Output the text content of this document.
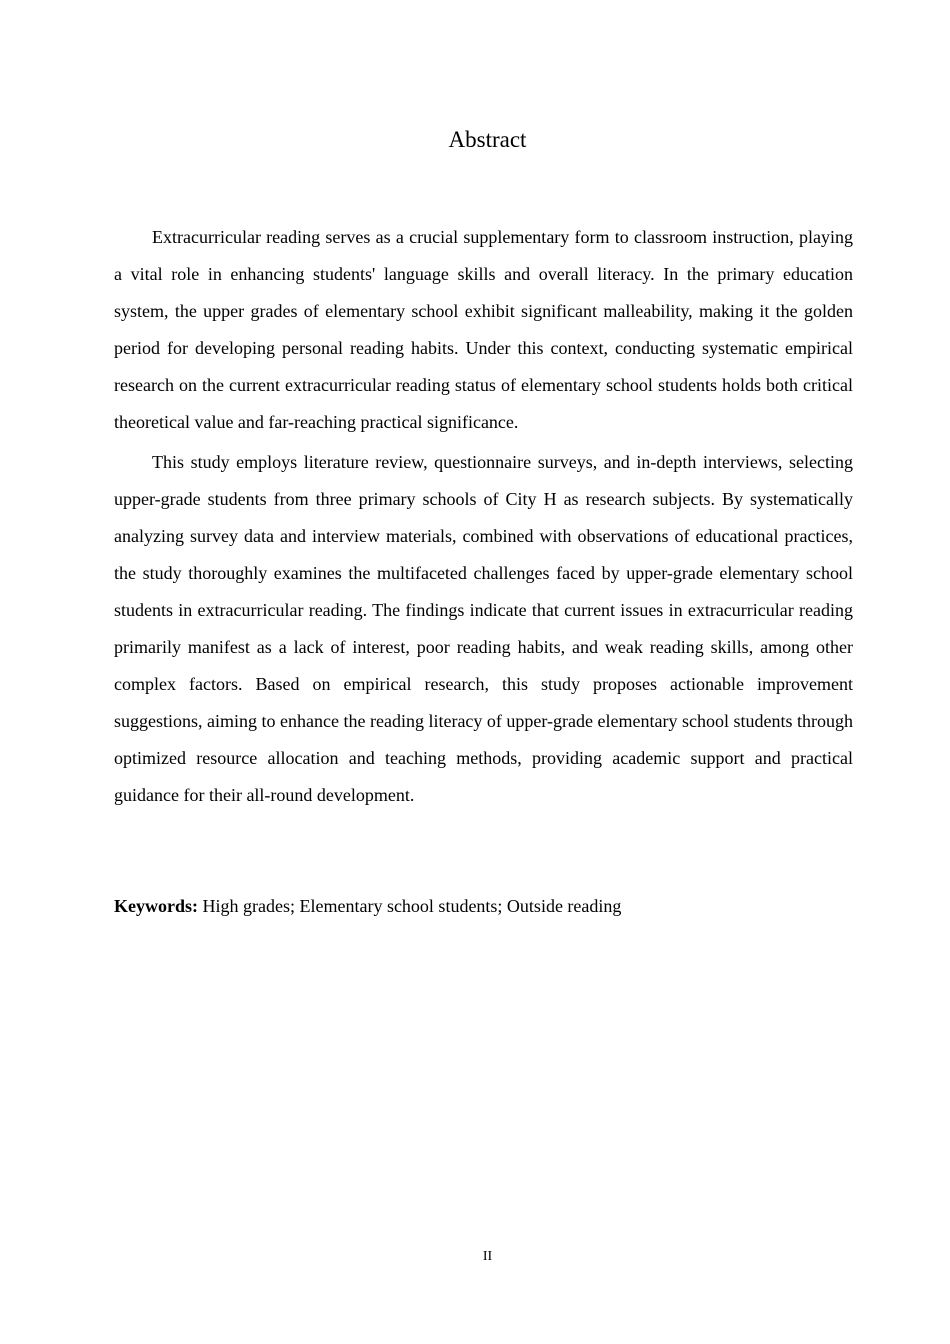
Abstract

Extracurricular reading serves as a crucial supplementary form to classroom instruction, playing a vital role in enhancing students' language skills and overall literacy. In the primary education system, the upper grades of elementary school exhibit significant malleability, making it the golden period for developing personal reading habits. Under this context, conducting systematic empirical research on the current extracurricular reading status of elementary school students holds both critical theoretical value and far-reaching practical significance.

This study employs literature review, questionnaire surveys, and in-depth interviews, selecting upper-grade students from three primary schools of City H as research subjects. By systematically analyzing survey data and interview materials, combined with observations of educational practices, the study thoroughly examines the multifaceted challenges faced by upper-grade elementary school students in extracurricular reading. The findings indicate that current issues in extracurricular reading primarily manifest as a lack of interest, poor reading habits, and weak reading skills, among other complex factors. Based on empirical research, this study proposes actionable improvement suggestions, aiming to enhance the reading literacy of upper-grade elementary school students through optimized resource allocation and teaching methods, providing academic support and practical guidance for their all-round development.

Keywords: High grades; Elementary school students; Outside reading

II
